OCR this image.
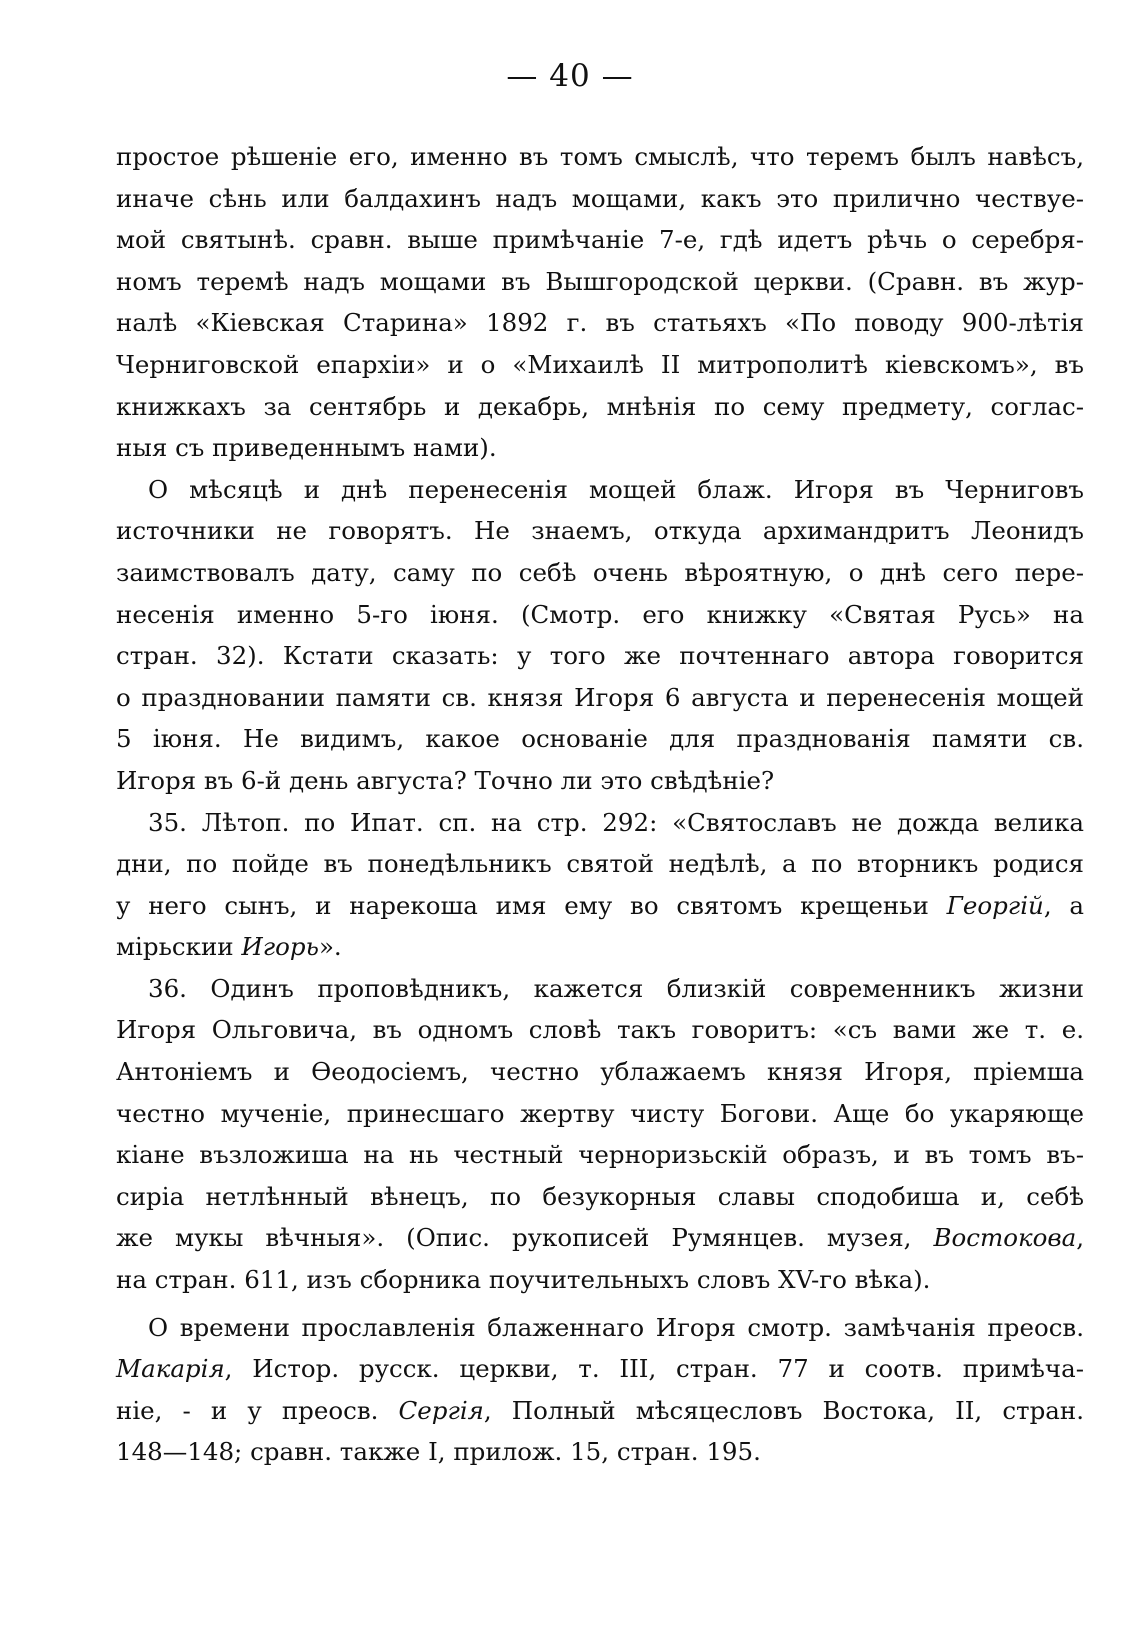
— 40 —
простое рѣшеніе его, именно въ томъ смыслѣ, что теремъ былъ навѣсъ,
иначе сѣнь или балдахинъ надъ мощами, какъ это прилично чествуе-
мой святынѣ. сравн. выше примѣчаніе 7-е, гдѣ идетъ рѣчь о серебря-
номъ теремѣ надъ мощами въ Вышгородской церкви. (Сравн. въ жур-
налѣ «Кіевская Старина» 1892 г. въ статьяхъ «По поводу 900-лѣтія
Черниговской епархіи» и о «Михаилѣ II митрополитѣ кіевскомъ», въ
книжкахъ за сентябрь и декабрь, мнѣнія по сему предмету, соглас-
ныя съ приведеннымъ нами).
О мѣсяцѣ и днѣ перенесенія мощей блаж. Игоря въ Черниговъ
источники не говорятъ. Не знаемъ, откуда архимандритъ Леонидъ
заимствовалъ дату, саму по себѣ очень вѣроятную, о днѣ сего пере-
несенія именно 5-го іюня. (Смотр. его книжку «Святая Русь» на
стран. 32). Кстати сказать: у того же почтеннаго автора говорится
о праздновании памяти св. князя Игоря 6 августа и перенесенія мощей
5 іюня. Не видимъ, какое основаніе для празднованія памяти св.
Игоря въ 6-й день августа? Точно ли это свѣдѣніе?
35. Лѣтоп. по Ипат. сп. на стр. 292: «Святославъ не дожда велика
дни, по пойде въ понедѣльникъ святой недѣлѣ, а по вторникъ родися
у него сынъ, и нарекоша имя ему во святомъ крещеньи Георгій, а
мірьскии Игорь».
36. Одинъ проповѣдникъ, кажется близкій современникъ жизни
Игоря Ольговича, въ одномъ словѣ такъ говоритъ: «съ вами же т. е.
Антоніемъ и Ѳеодосіемъ, честно ублажаемъ князя Игоря, пріемша
честно мученіе, принесшаго жертву чисту Богови. Аще бо укаряюще
кіане възложиша на нь честный черноризьскій образъ, и въ томъ въ-
сиріа нетлѣнный вѣнецъ, по безукорныя славы сподобиша и, себѣ
же мукы вѣчныя». (Опис. рукописей Румянцев. музея, Востокова,
на стран. 611, изъ сборника поучительныхъ словъ XV-го вѣка).
О времени прославленія блаженнаго Игоря смотр. замѣчанія преосв.
Макарія, Истор. русск. церкви, т. III, стран. 77 и соотв. примѣча-
ніе, - и у преосв. Сергія, Полный мѣсяцесловъ Востока, II, стран.
148—148; сравн. также I, прилож. 15, стран. 195.
